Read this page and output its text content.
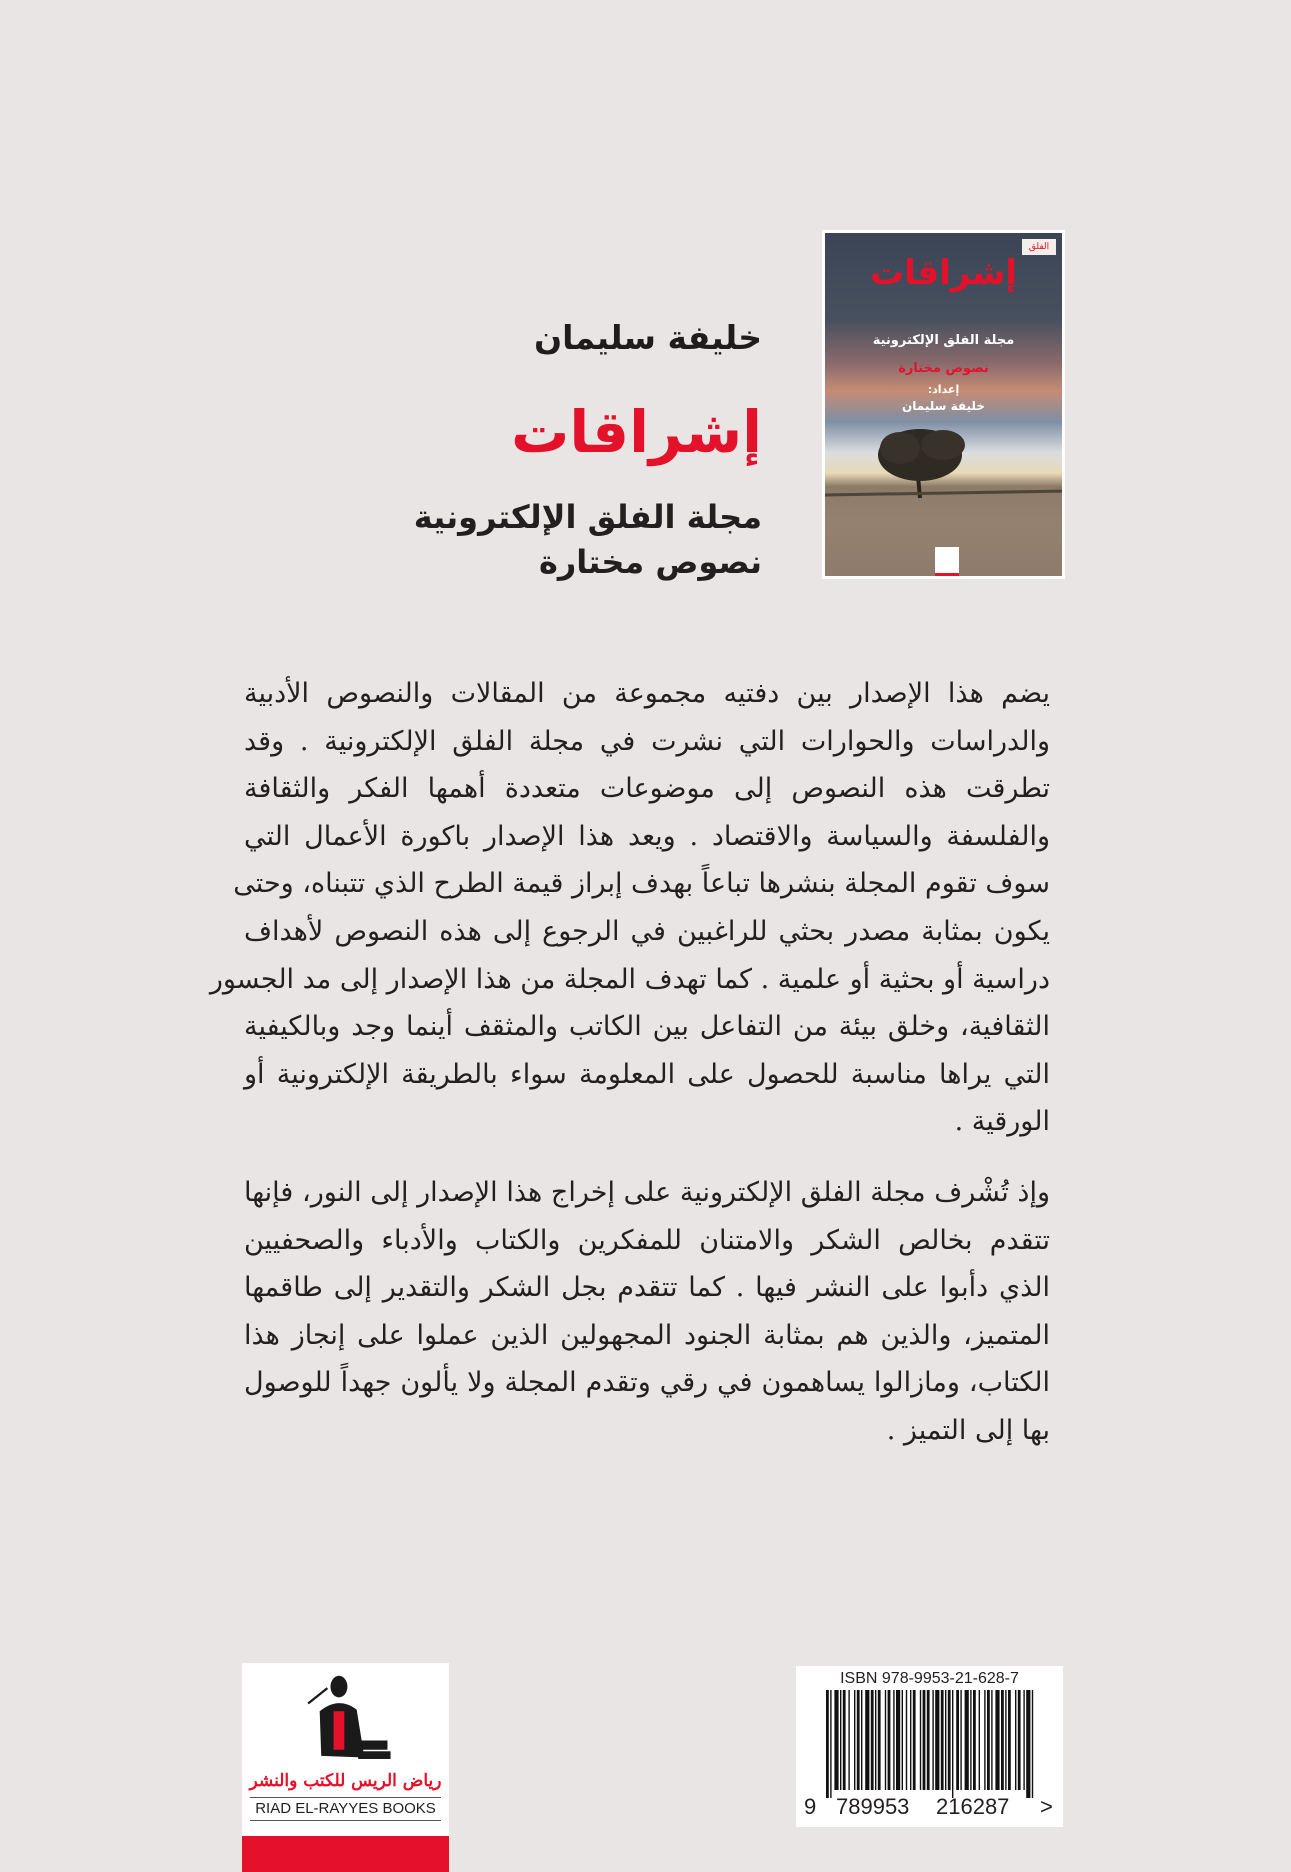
خليفة سليمان
إشراقات
مجلة الفلق الإلكترونية
نصوص مختارة
الفلق
إشراقات
مجلة الفلق الإلكترونية
نصوص مختارة
إعداد:
خليفة سليمان
يضم هذا الإصدار بين دفتيه مجموعة من المقالات والنصوص الأدبية
والدراسات والحوارات التي نشرت في مجلة الفلق الإلكترونية . وقد
تطرقت هذه النصوص إلى موضوعات متعددة أهمها الفكر والثقافة
والفلسفة والسياسة والاقتصاد . ويعد هذا الإصدار باكورة الأعمال التي
سوف تقوم المجلة بنشرها تباعاً بهدف إبراز قيمة الطرح الذي تتبناه، وحتى
يكون بمثابة مصدر بحثي للراغبين في الرجوع إلى هذه النصوص لأهداف
دراسية أو بحثية أو علمية . كما تهدف المجلة من هذا الإصدار إلى مد الجسور
الثقافية، وخلق بيئة من التفاعل بين الكاتب والمثقف أينما وجد وبالكيفية
التي يراها مناسبة للحصول على المعلومة سواء بالطريقة الإلكترونية أو
الورقية .
وإذ تُشْرف مجلة الفلق الإلكترونية على إخراج هذا الإصدار إلى النور، فإنها
تتقدم بخالص الشكر والامتنان للمفكرين والكتاب والأدباء والصحفيين
الذي دأبوا على النشر فيها . كما تتقدم بجل الشكر والتقدير إلى طاقمها
المتميز، والذين هم بمثابة الجنود المجهولين الذين عملوا على إنجاز هذا
الكتاب، ومازالوا يساهمون في رقي وتقدم المجلة ولا يألون جهداً للوصول
بها إلى التميز .
رياض الريس للكتب والنشر
RIAD EL-RAYYES BOOKS
ISBN 978-9953-21-628-7
9 789953 216287 >
